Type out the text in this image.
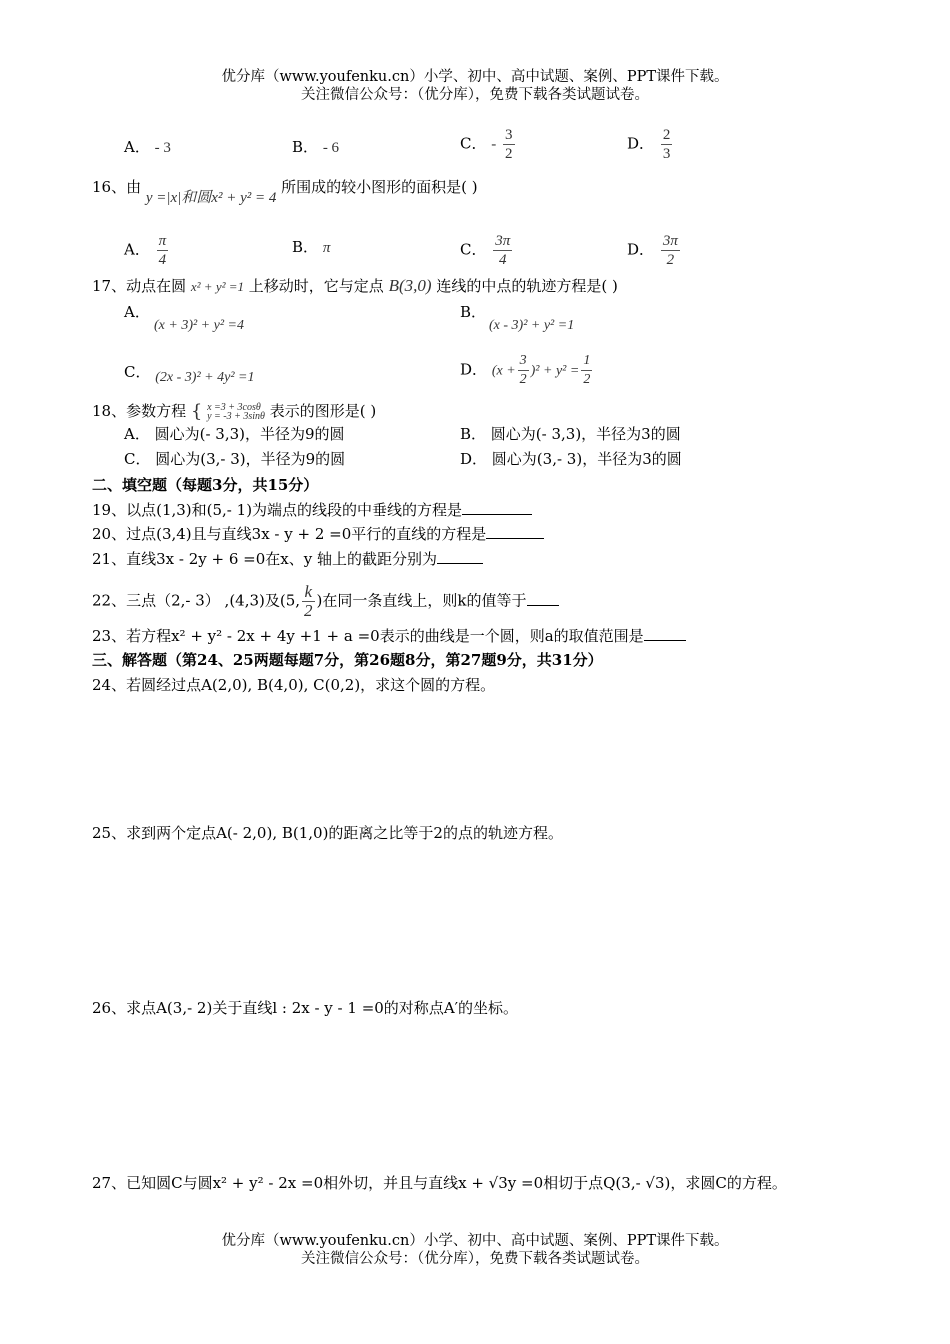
优分库（www.youfenku.cn）小学、初中、高中试题、案例、PPT课件下载。
关注微信公众号：（优分库），免费下载各类试题试卷。
A． - 3	B． - 6	C． - $\frac{3}{2}$	D． $\frac{2}{3}$
16、由 y =|x|和圆x² + y² = 4 所围成的较小图形的面积是( )
A． $\frac{\pi}{4}$	B． π	C． $\frac{3\pi}{4}$	D． $\frac{3\pi}{2}$
17、动点在圆 x² + y² =1 上移动时，它与定点 B(3,0) 连线的中点的轨迹方程是( )
A．
(x + 3)² + y² =4
B．
(x - 3)² + y² =1
C． (2x - 3)² + 4y² =1	D． $(x + \frac{3}{2} )^2 + y^2 = \frac{1}{2}$
18、参数方程 { x =3 + 3cosθ
y = -3 + 3sinθ 表示的图形是( )
A． 圆心为(- 3,3)，半径为9的圆	B． 圆心为(- 3,3)，半径为3的圆
C． 圆心为(3,- 3)，半径为9的圆	D． 圆心为(3,- 3)，半径为3的圆
二、填空题（每题3分，共15分）
19、以点(1,3)和(5,- 1)为端点的线段的中垂线的方程是
20、过点(3,4)且与直线3x - y + 2 =0平行的直线的方程是
21、直线3x - 2y + 6 =0在x、y 轴上的截距分别为
22、三点（2,- 3） ,(4,3)及(5, $\frac{k}{2}$ )在同一条直线上，则k的值等于
23、若方程x² + y² - 2x + 4y +1 + a =0表示的曲线是一个圆，则a的取值范围是
三、解答题（第24、25两题每题7分，第26题8分，第27题9分，共31分）
24、若圆经过点A(2,0), B(4,0), C(0,2)，求这个圆的方程。
25、求到两个定点A(- 2,0), B(1,0)的距离之比等于2的点的轨迹方程。
26、求点A(3,- 2)关于直线l : 2x - y - 1 =0的对称点A′的坐标。
27、已知圆C与圆x² + y² - 2x =0相外切，并且与直线x + √3y =0相切于点Q(3,- √3)，求圆C的方程。
优分库（www.youfenku.cn）小学、初中、高中试题、案例、PPT课件下载。
关注微信公众号：（优分库），免费下载各类试题试卷。
